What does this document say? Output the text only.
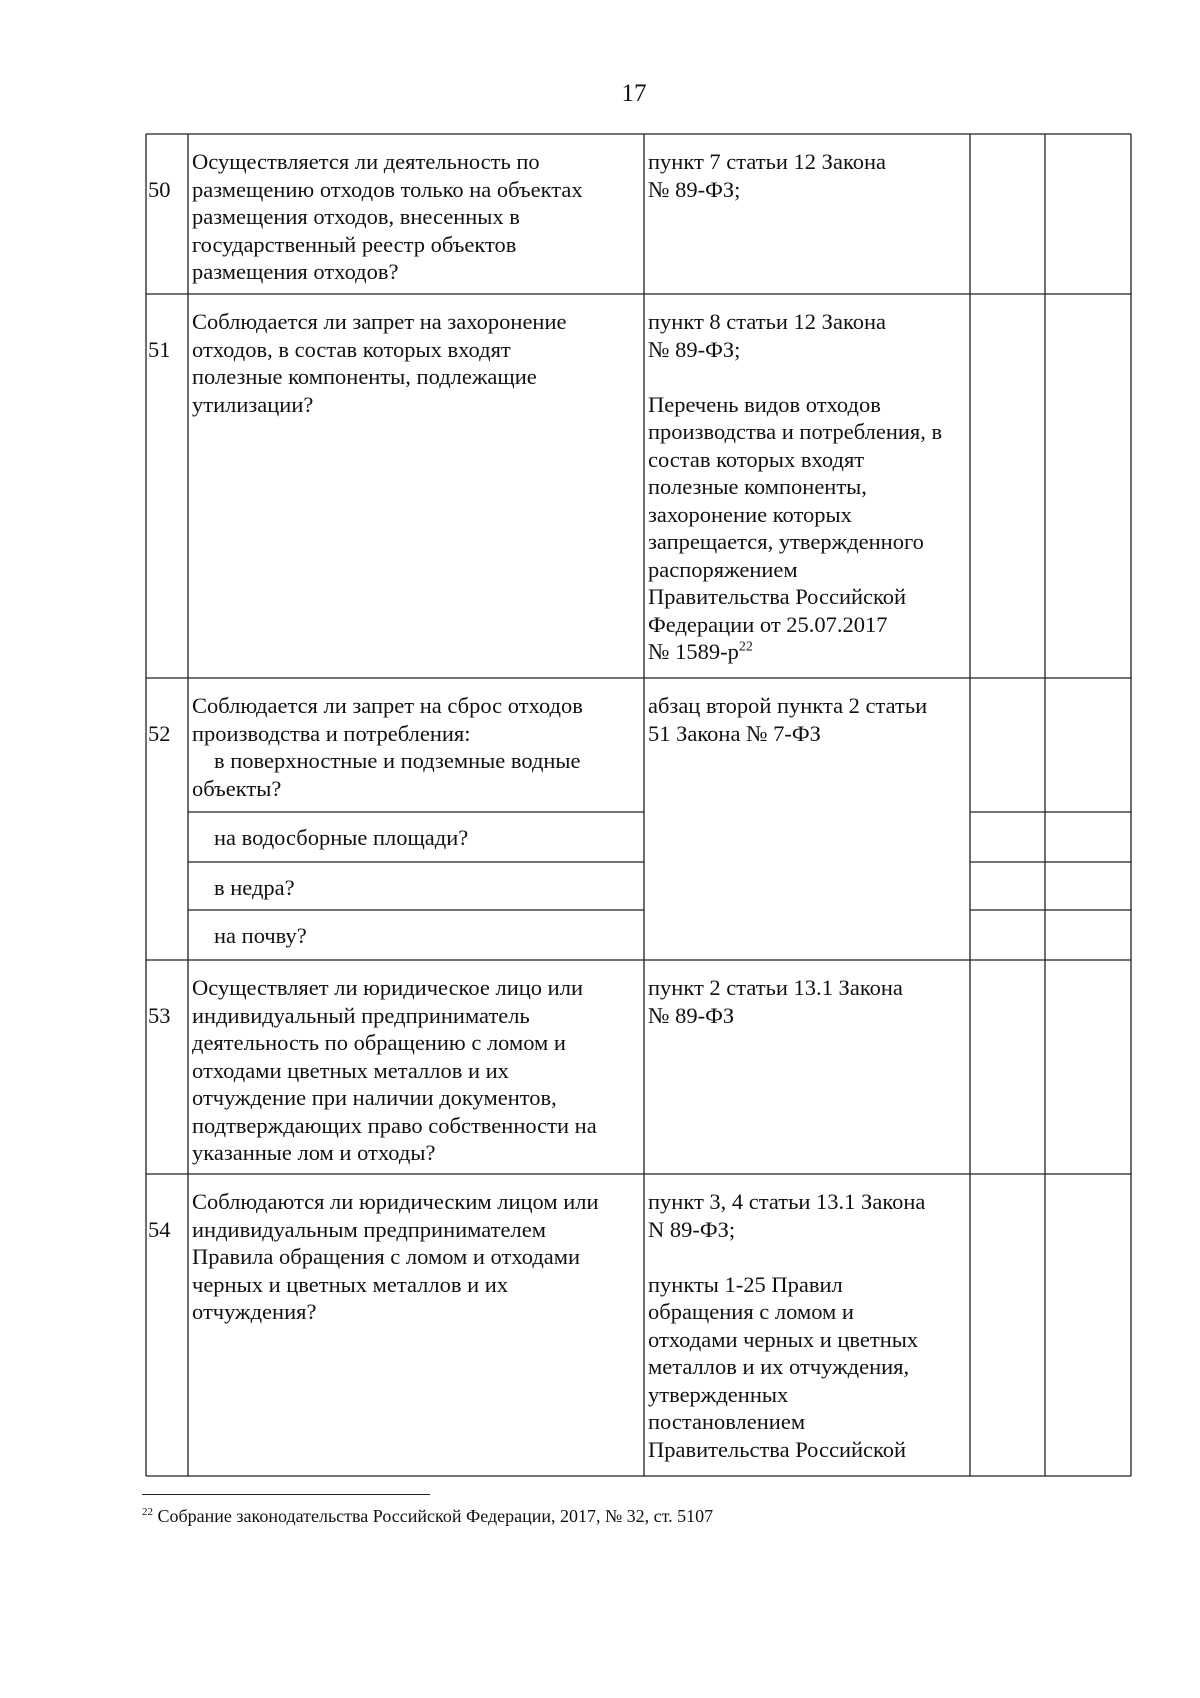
17
50
Осуществляется ли деятельность по
размещению отходов только на объектах
размещения отходов, внесенных в
государственный реестр объектов
размещения отходов?
пункт 7 статьи 12 Закона
№ 89-ФЗ;
51
Соблюдается ли запрет на захоронение
отходов, в состав которых входят
полезные компоненты, подлежащие
утилизации?
пункт 8 статьи 12 Закона
№ 89-ФЗ;

Перечень видов отходов
производства и потребления, в
состав которых входят
полезные компоненты,
захоронение которых
запрещается, утвержденного
распоряжением
Правительства Российской
Федерации от 25.07.2017
№ $1589-р^{22}$
52
Соблюдается ли запрет на сброс отходов
производства и потребления:
в поверхностные и подземные водные
объекты?
абзац второй пункта 2 статьи
51 Закона № 7-ФЗ
на водосборные площади?
в недра?
на почву?
53
Осуществляет ли юридическое лицо или
индивидуальный предприниматель
деятельность по обращению с ломом и
отходами цветных металлов и их
отчуждение при наличии документов,
подтверждающих право собственности на
указанные лом и отходы?
пункт 2 статьи 13.1 Закона
№ 89-ФЗ
54
Соблюдаются ли юридическим лицом или
индивидуальным предпринимателем
Правила обращения с ломом и отходами
черных и цветных металлов и их
отчуждения?
пункт 3, 4 статьи 13.1 Закона
N 89-ФЗ;

пункты 1-25 Правил
обращения с ломом и
отходами черных и цветных
металлов и их отчуждения,
утвержденных
постановлением
Правительства Российской
$^{22}$ Собрание законодательства Российской Федерации, 2017, № 32, ст. 5107
